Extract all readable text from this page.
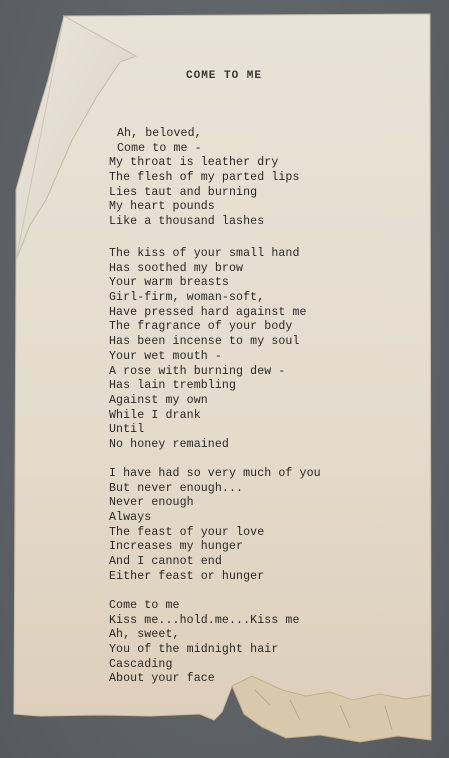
COME TO ME
Ah, beloved,
Come to me -
My throat is leather dry
The flesh of my parted lips
Lies taut and burning
My heart pounds
Like a thousand lashes
The kiss of your small hand
Has soothed my brow
Your warm breasts
Girl-firm, woman-soft,
Have pressed hard against me
The fragrance of your body
Has been incense to my soul
Your wet mouth -
A rose with burning dew -
Has lain trembling
Against my own
While I drank
Until
No honey remained
I have had so very much of you
But never enough...
Never enough
Always
The feast of your love
Increases my hunger
And I cannot end
Either feast or hunger
Come to me
Kiss me...hold.me...Kiss me
Ah, sweet,
You of the midnight hair
Cascading
About your face
